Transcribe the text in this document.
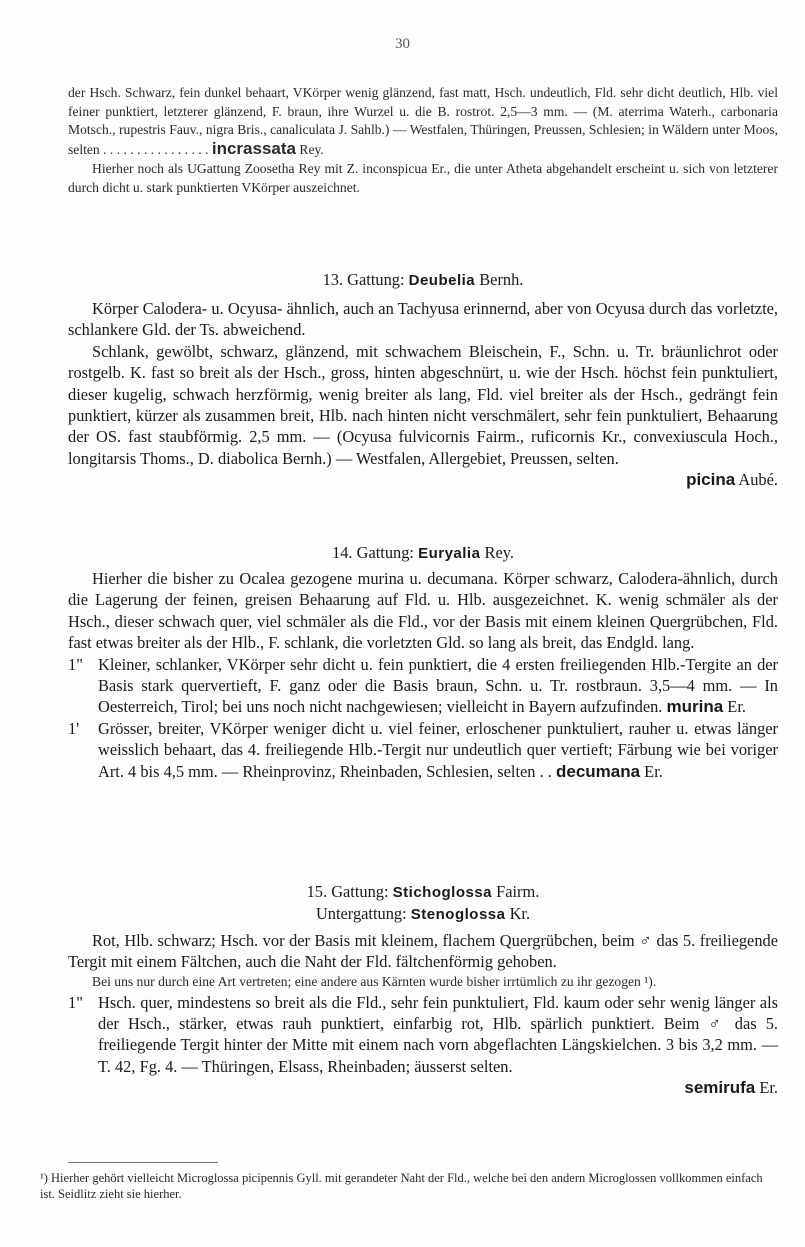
30

der Hsch. Schwarz, fein dunkel behaart, VKörper wenig glänzend, fast matt, Hsch. undeutlich, Fld. sehr dicht deutlich, Hlb. viel feiner punktiert, letzterer glänzend, F. braun, ihre Wurzel u. die B. rostrot. 2,5—3 mm. — (M. aterrima Waterh., carbonaria Motsch., rupestris Fauv., nigra Bris., canaliculata J. Sahlb.) — Westfalen, Thüringen, Preussen, Schlesien; in Wäldern unter Moos, selten . . . . . . . . . . . . . . . . incrassata Rey.

Hierher noch als UGattung Zoosetha Rey mit Z. inconspicua Er., die unter Atheta abgehandelt erscheint u. sich von letzterer durch dicht u. stark punktierten VKörper auszeichnet.

13. Gattung: Deubelia Bernh.

Körper Calodera- u. Ocyusa- ähnlich, auch an Tachyusa erinnernd, aber von Ocyusa durch das vorletzte, schlankere Gld. der Ts. abweichend.

Schlank, gewölbt, schwarz, glänzend, mit schwachem Bleischein, F., Schn. u. Tr. bräunlichrot oder rostgelb. K. fast so breit als der Hsch., gross, hinten abgeschnürt, u. wie der Hsch. höchst fein punktuliert, dieser kugelig, schwach herzförmig, wenig breiter als lang, Fld. viel breiter als der Hsch., gedrängt fein punktiert, kürzer als zusammen breit, Hlb. nach hinten nicht verschmälert, sehr fein punktuliert, Behaarung der OS. fast staubförmig. 2,5 mm. — (Ocyusa fulvicornis Fairm., ruficornis Kr., convexiuscula Hoch., longitarsis Thoms., D. diabolica Bernh.) — Westfalen, Allergebiet, Preussen, selten.

picina Aubé.
14. Gattung: Euryalia Rey.

Hierher die bisher zu Ocalea gezogene murina u. decumana. Körper schwarz, Calodera-ähnlich, durch die Lagerung der feinen, greisen Behaarung auf Fld. u. Hlb. ausgezeichnet. K. wenig schmäler als der Hsch., dieser schwach quer, viel schmäler als die Fld., vor der Basis mit einem kleinen Quergrübchen, Fld. fast etwas breiter als der Hlb., F. schlank, die vorletzten Gld. so lang als breit, das Endgld. lang.

1" Kleiner, schlanker, VKörper sehr dicht u. fein punktiert, die 4 ersten freiliegenden Hlb.-Tergite an der Basis stark quervertieft, F. ganz oder die Basis braun, Schn. u. Tr. rostbraun. 3,5—4 mm. — In Oesterreich, Tirol; bei uns noch nicht nachgewiesen; vielleicht in Bayern aufzufinden. murina Er.

1' Grösser, breiter, VKörper weniger dicht u. viel feiner, erloschener punktuliert, rauher u. etwas länger weisslich behaart, das 4. freiliegende Hlb.-Tergit nur undeutlich quer vertieft; Färbung wie bei voriger Art. 4 bis 4,5 mm. — Rheinprovinz, Rheinbaden, Schlesien, selten . . decumana Er.

15. Gattung: Stichoglossa Fairm.
Untergattung: Stenoglossa Kr.

Rot, Hlb. schwarz; Hsch. vor der Basis mit kleinem, flachem Quergrübchen, beim ♂ das 5. freiliegende Tergit mit einem Fältchen, auch die Naht der Fld. fältchenförmig gehoben.

Bei uns nur durch eine Art vertreten; eine andere aus Kärnten wurde bisher irrtümlich zu ihr gezogen ¹).

1" Hsch. quer, mindestens so breit als die Fld., sehr fein punktuliert, Fld. kaum oder sehr wenig länger als der Hsch., stärker, etwas rauh punktiert, einfarbig rot, Hlb. spärlich punktiert. Beim ♂ das 5. freiliegende Tergit hinter der Mitte mit einem nach vorn abgeflachten Längskielchen. 3 bis 3,2 mm. — T. 42, Fg. 4. — Thüringen, Elsass, Rheinbaden; äusserst selten.

semirufa Er.
¹) Hierher gehört vielleicht Microglossa picipennis Gyll. mit gerandeter Naht der Fld., welche bei den andern Microglossen vollkommen einfach ist. Seidlitz zieht sie hierher.
